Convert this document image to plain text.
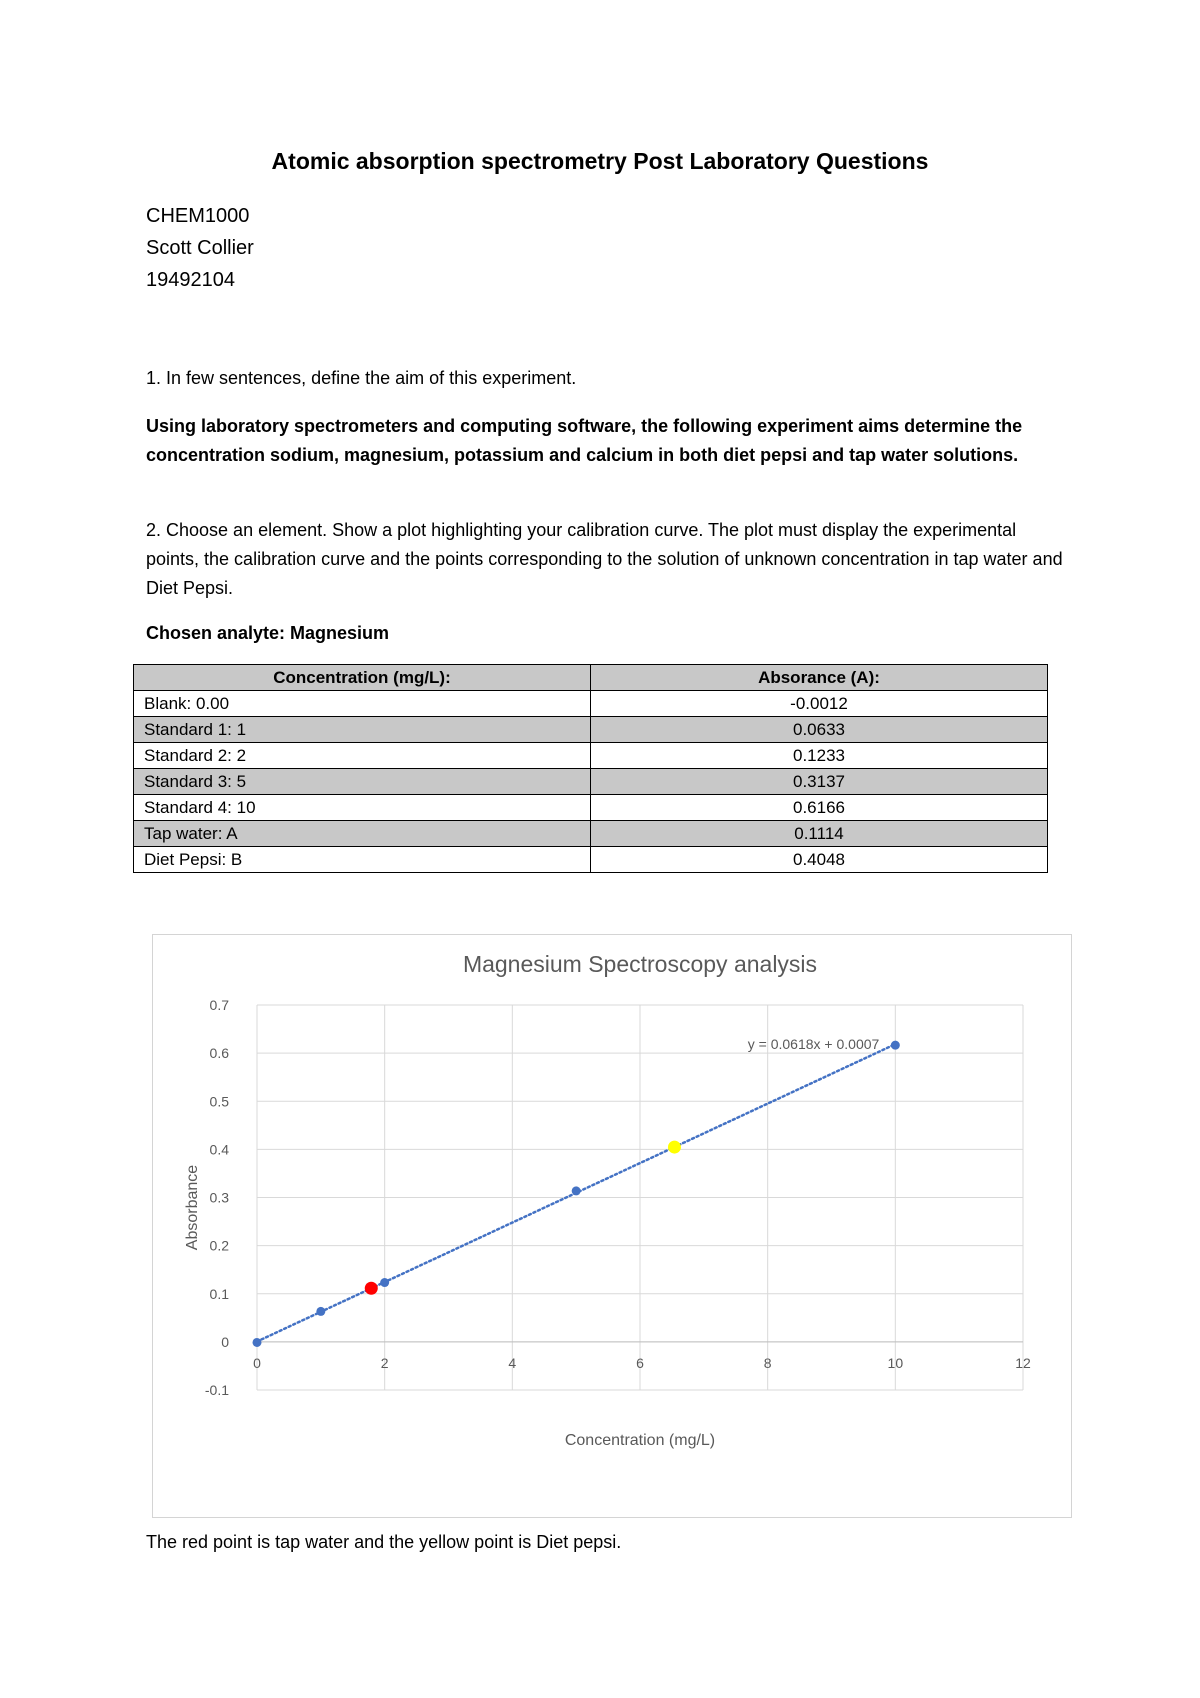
Atomic absorption spectrometry Post Laboratory Questions
CHEM1000
Scott Collier
19492104
1. In few sentences, define the aim of this experiment.
Using laboratory spectrometers and computing software, the following experiment aims determine the concentration sodium, magnesium, potassium and calcium in both diet pepsi and tap water solutions.
2. Choose an element. Show a plot highlighting your calibration curve. The plot must display the experimental points, the calibration curve and the points corresponding to the solution of unknown concentration in tap water and Diet Pepsi.
Chosen analyte: Magnesium
Concentration (mg/L):	Absorance (A):
Blank: 0.00	-0.0012
Standard 1: 1	0.0633
Standard 2: 2	0.1233
Standard 3: 5	0.3137
Standard 4: 10	0.6166
Tap water: A	0.1114
Diet Pepsi: B	0.4048
Magnesium Spectroscopy analysis
-0.1
0
0.1
0.2
0.3
0.4
0.5
0.6
0.7
0	2	4	6	8	10	12
Concentration (mg/L)
Absorbance
y = 0.0618x + 0.0007
The red point is tap water and the yellow point is Diet pepsi.
